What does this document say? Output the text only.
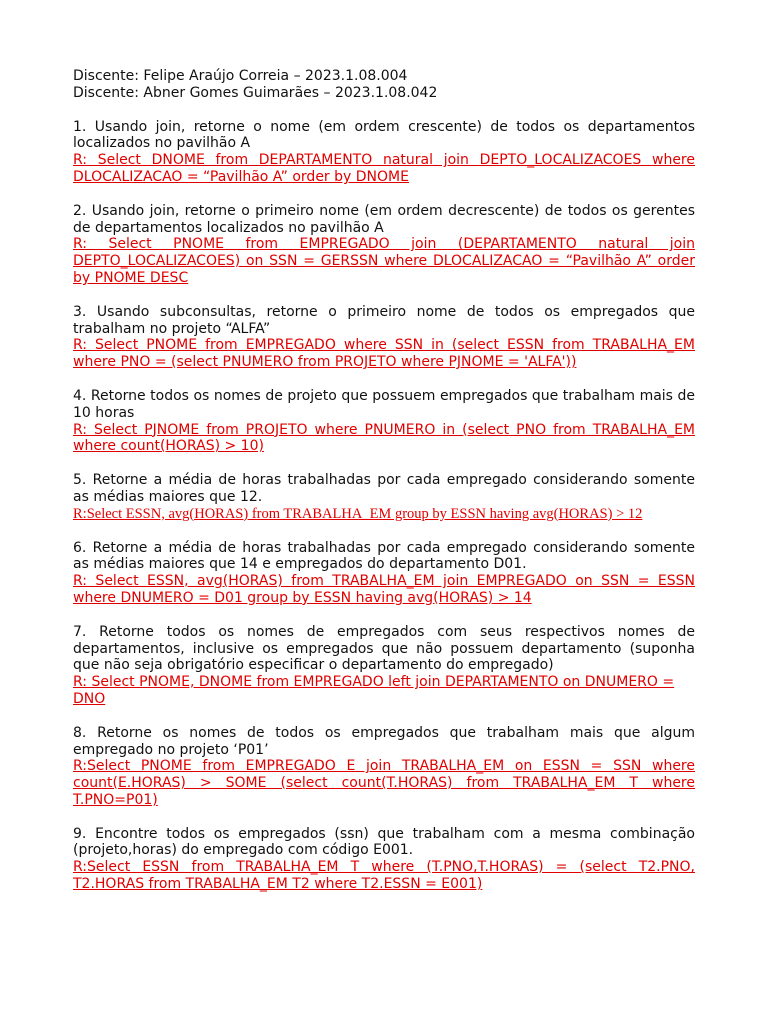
Discente: Felipe Araújo Correia – 2023.1.08.004

Discente: Abner Gomes Guimarães – 2023.1.08.042

1. Usando join, retorne o nome (em ordem crescente) de todos os departamentos localizados no pavilhão A

R: Select DNOME from DEPARTAMENTO natural join DEPTO_LOCALIZACOES where DLOCALIZACAO = “Pavilhão A” order by DNOME

2. Usando join, retorne o primeiro nome (em ordem decrescente) de todos os gerentes de departamentos localizados no pavilhão A

R: Select PNOME from EMPREGADO join (DEPARTAMENTO natural join DEPTO_LOCALIZACOES) on SSN = GERSSN where DLOCALIZACAO = “Pavilhão A” order by PNOME DESC

3. Usando subconsultas, retorne o primeiro nome de todos os empregados que trabalham no projeto “ALFA”

R: Select PNOME from EMPREGADO where SSN in (select ESSN from TRABALHA_EM where PNO = (select PNUMERO from PROJETO where PJNOME = 'ALFA'))

4. Retorne todos os nomes de projeto que possuem empregados que trabalham mais de 10 horas

R: Select PJNOME from PROJETO where PNUMERO in (select PNO from TRABALHA_EM where count(HORAS) > 10)

5. Retorne a média de horas trabalhadas por cada empregado considerando somente as médias maiores que 12.

R:Select ESSN, avg(HORAS) from TRABALHA_EM group by ESSN having avg(HORAS) > 12

6. Retorne a média de horas trabalhadas por cada empregado considerando somente as médias maiores que 14 e empregados do departamento D01.

R: Select ESSN, avg(HORAS) from TRABALHA_EM join EMPREGADO on SSN = ESSN where DNUMERO = D01 group by ESSN having avg(HORAS) > 14

7. Retorne todos os nomes de empregados com seus respectivos nomes de departamentos, inclusive os empregados que não possuem departamento (suponha que não seja obrigatório especificar o departamento do empregado)

R: Select PNOME, DNOME from EMPREGADO left join DEPARTAMENTO on DNUMERO = DNO

8. Retorne os nomes de todos os empregados que trabalham mais que algum empregado no projeto ‘P01’

R:Select PNOME from EMPREGADO E join TRABALHA_EM on ESSN = SSN where count(E.HORAS) > SOME (select count(T.HORAS) from TRABALHA_EM T where T.PNO=P01)

9. Encontre todos os empregados (ssn) que trabalham com a mesma combinação (projeto,horas) do empregado com código E001.

R:Select ESSN from TRABALHA_EM T where (T.PNO,T.HORAS) = (select T2.PNO, T2.HORAS from TRABALHA_EM T2 where T2.ESSN = E001)
